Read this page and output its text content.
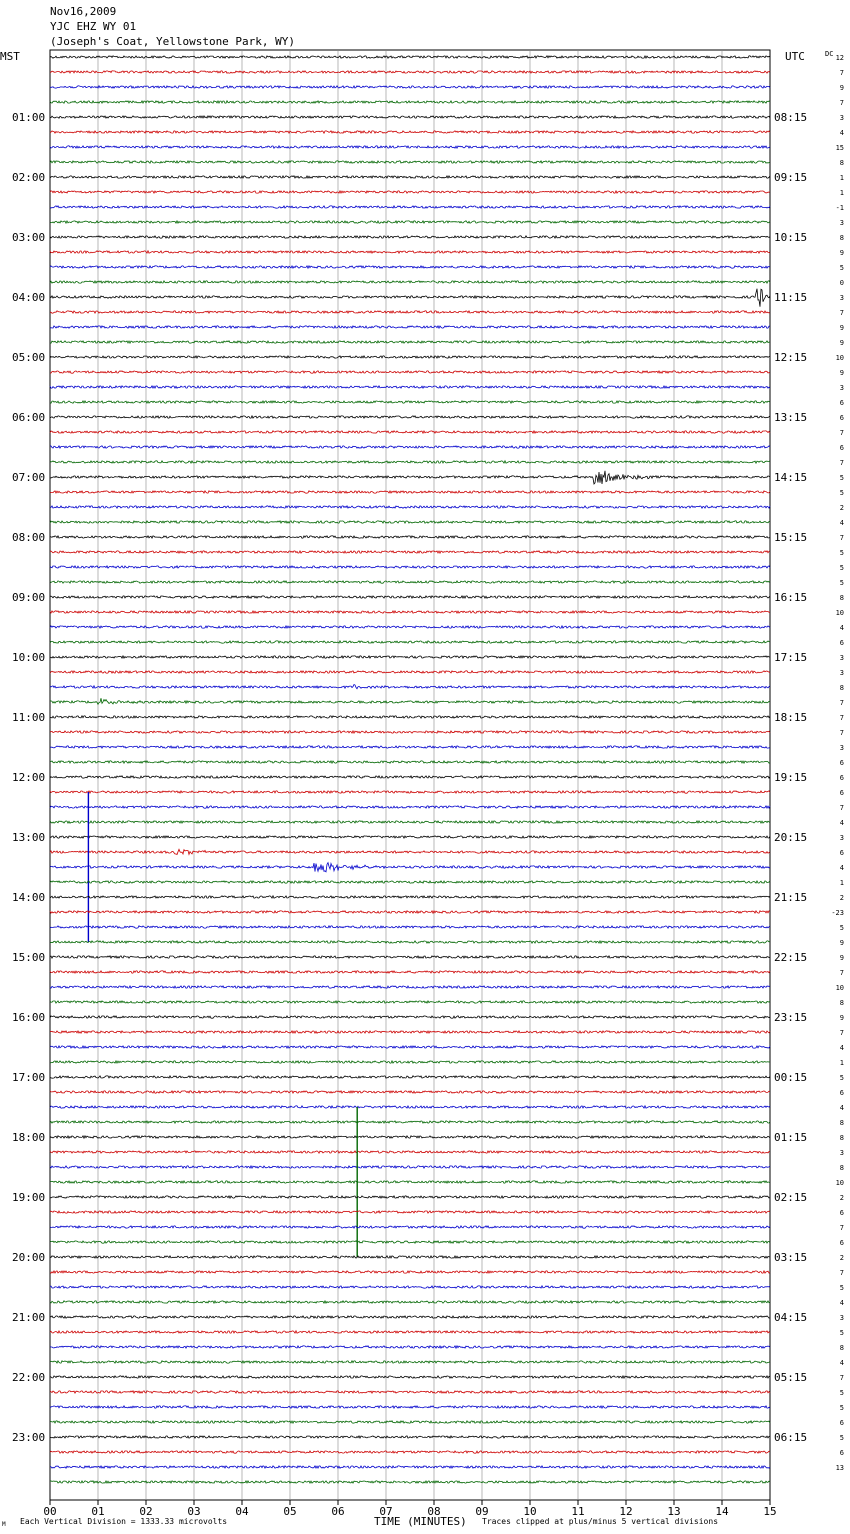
Nov16,2009
YJC EHZ WY 01
(Joseph's Coat, Yellowstone Park, WY)
MST	UTC	DC
01:00
02:00
03:00
04:00
05:00
06:00
07:00
08:00
09:00
10:00
11:00
12:00
13:00
14:00
15:00
16:00
17:00
18:00
19:00
20:00
21:00
22:00
23:00
08:15
09:15
10:15
11:15
12:15
13:15
14:15
15:15
16:15
17:15
18:15
19:15
20:15
21:15
22:15
23:15
00:15
01:15
02:15
03:15
04:15
05:15
06:15
12
7
9
7
3
4
15
8
1
1
-1
3
8
9
5
0
3
7
9
9
10
9
3
6
6
7
6
7
5
5
2
4
7
5
5
5
8
10
4
6
3
3
8
7
7
7
3
6
6
6
7
4
3
6
4
1
2
-23
5
9
9
7
10
8
9
7
4
1
5
6
4
8
8
3
8
10
2
6
7
6
2
7
5
4
3
5
8
4
7
5
5
6
5
6
13
00	01	02	03	04	05	06	07	08	09	10	11	12	13	14	15
M Each Vertical Division = 1333.33 microvolts	TIME (MINUTES) Traces clipped at plus/minus 5 vertical divisions
